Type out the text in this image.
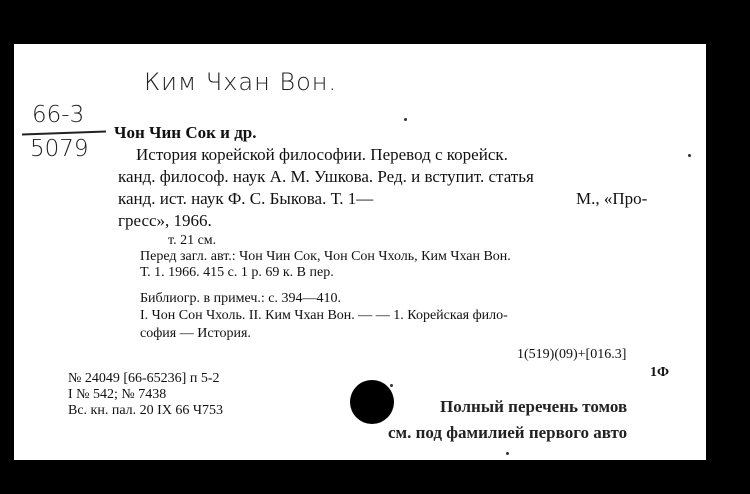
Ким Чхан Вон.
66-3
5079
Чон Чин Сок и др.
История корейской философии. Перевод с корейск.
канд. философ. наук А. М. Ушкова. Ред. и вступит. статья
канд. ист. наук Ф. С. Быкова. Т. 1—	М., «Про-
гресс», 1966.
т. 21 см.
Перед загл. авт.: Чон Чин Сок, Чон Сон Чхоль, Ким Чхан Вон.
Т. 1. 1966. 415 с. 1 р. 69 к. В пер.
Библиогр. в примеч.: с. 394—410.
I. Чон Сон Чхоль. II. Ким Чхан Вон. — — 1. Корейская фило-
софия — История.
1(519)(09)+[016.3]
1Ф
№ 24049 [66-65236] п 5-2
I № 542; № 7438
Вс. кн. пал. 20 IX 66 Ч753	Полный перечень томов
см. под фамилией первого авто
